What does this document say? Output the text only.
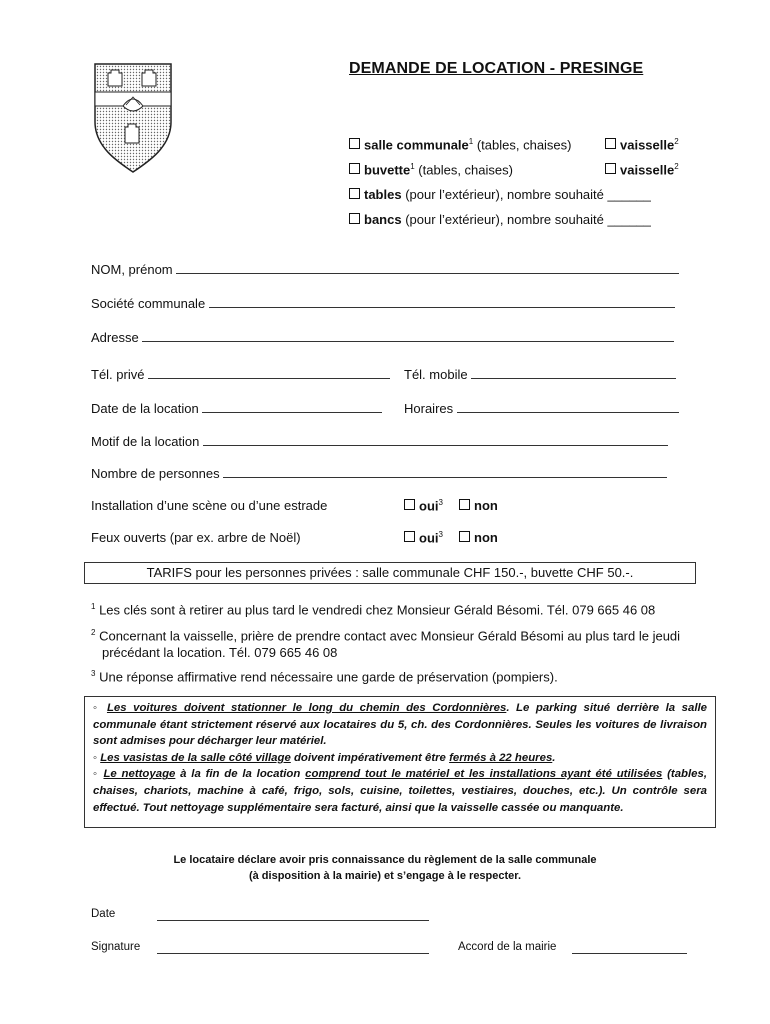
DEMANDE DE LOCATION - PRESINGE
salle communale$^1$ (tables, chaises)	vaisselle$^2$
buvette$^1$ (tables, chaises)	vaisselle$^2$
tables (pour l’extérieur), nombre souhaité ______
bancs (pour l’extérieur), nombre souhaité ______
NOM, prénom
Société communale
Adresse
Tél. privé	Tél. mobile
Date de la location	Horaires
Motif de la location
Nombre de personnes
Installation d’une scène ou d’une estrade	oui$^3$	non
Feux ouverts (par ex. arbre de Noël)	oui$^3$	non
TARIFS pour les personnes privées : salle communale CHF 150.-, buvette CHF 50.-.
$^1$ Les clés sont à retirer au plus tard le vendredi chez Monsieur Gérald Bésomi. Tél. 079 665 46 08
$^2$ Concernant la vaisselle, prière de prendre contact avec Monsieur Gérald Bésomi au plus tard le jeudi précédant la location. Tél. 079 665 46 08
$^3$ Une réponse affirmative rend nécessaire une garde de préservation (pompiers).
◦ Les voitures doivent stationner le long du chemin des Cordonnières. Le parking situé derrière la salle communale étant strictement réservé aux locataires du 5, ch. des Cordonnières. Seules les voitures de livraison sont admises pour décharger leur matériel.
◦ Les vasistas de la salle côté village doivent impérativement être fermés à 22 heures.
◦ Le nettoyage à la fin de la location comprend tout le matériel et les installations ayant été utilisées (tables, chaises, chariots, machine à café, frigo, sols, cuisine, toilettes, vestiaires, douches, etc.). Un contrôle sera effectué. Tout nettoyage supplémentaire sera facturé, ainsi que la vaisselle cassée ou manquante.
Le locataire déclare avoir pris connaissance du règlement de la salle communale
(à disposition à la mairie) et s’engage à le respecter.
Date
Signature	Accord de la mairie
